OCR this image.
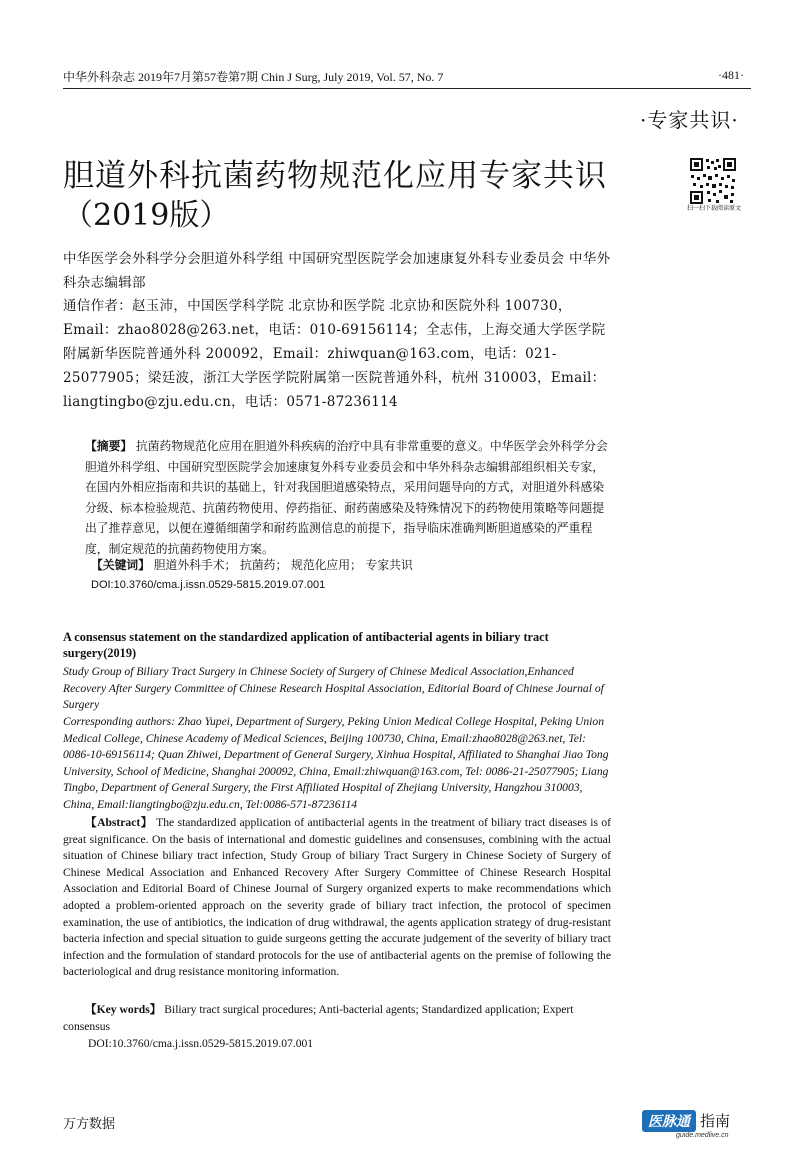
中华外科杂志 2019年7月第57卷第7期 Chin J Surg, July 2019, Vol. 57, No. 7	·481·
·专家共识·
胆道外科抗菌药物规范化应用专家共识
（2019版）	扫一扫下载阅读原文
中华医学会外科学分会胆道外科学组 中国研究型医院学会加速康复外科专业委员会 中华外科杂志编辑部
通信作者：赵玉沛，中国医学科学院 北京协和医学院 北京协和医院外科 100730，Email：zhao8028@263.net，电话：010-69156114；全志伟，上海交通大学医学院附属新华医院普通外科 200092，Email：zhiwquan@163.com，电话：021-25077905；梁廷波，浙江大学医学院附属第一医院普通外科，杭州 310003，Email：liangtingbo@zju.edu.cn，电话：0571-87236114
【摘要】 抗菌药物规范化应用在胆道外科疾病的治疗中具有非常重要的意义。中华医学会外科学分会胆道外科学组、中国研究型医院学会加速康复外科专业委员会和中华外科杂志编辑部组织相关专家，在国内外相应指南和共识的基础上，针对我国胆道感染特点，采用问题导向的方式，对胆道外科感染分级、标本检验规范、抗菌药物使用、停药指征、耐药菌感染及特殊情况下的药物使用策略等问题提出了推荐意见，以便在遵循细菌学和耐药监测信息的前提下，指导临床准确判断胆道感染的严重程度，制定规范的抗菌药物使用方案。
【关键词】 胆道外科手术； 抗菌药； 规范化应用； 专家共识
DOI:10.3760/cma.j.issn.0529-5815.2019.07.001
A consensus statement on the standardized application of antibacterial agents in biliary tract surgery(2019)
Study Group of Biliary Tract Surgery in Chinese Society of Surgery of Chinese Medical Association,Enhanced Recovery After Surgery Committee of Chinese Research Hospital Association, Editorial Board of Chinese Journal of Surgery
Corresponding authors: Zhao Yupei, Department of Surgery, Peking Union Medical College Hospital, Peking Union Medical College, Chinese Academy of Medical Sciences, Beijing 100730, China, Email:zhao8028@263.net, Tel: 0086-10-69156114; Quan Zhiwei, Department of General Surgery, Xinhua Hospital, Affiliated to Shanghai Jiao Tong University, School of Medicine, Shanghai 200092, China, Email:zhiwquan@163.com, Tel: 0086-21-25077905; Liang Tingbo, Department of General Surgery, the First Affiliated Hospital of Zhejiang University, Hangzhou 310003, China, Email:liangtingbo@zju.edu.cn, Tel:0086-571-87236114
【Abstract】 The standardized application of antibacterial agents in the treatment of biliary tract diseases is of great significance. On the basis of international and domestic guidelines and consensuses, combining with the actual situation of Chinese biliary tract infection, Study Group of biliary Tract Surgery in Chinese Society of Surgery of Chinese Medical Association and Enhanced Recovery After Surgery Committee of Chinese Research Hospital Association and Editorial Board of Chinese Journal of Surgery organized experts to make recommendations which adopted a problem-oriented approach on the severity grade of biliary tract infection, the protocol of specimen examination, the use of antibiotics, the indication of drug withdrawal, the agents application strategy of drug-resistant bacteria infection and special situation to guide surgeons getting the accurate judgement of the severity of biliary tract infection and the formulation of standard protocols for the use of antibacterial agents on the premise of following the bacteriological and drug resistance monitoring information.
【Key words】 Biliary tract surgical procedures; Anti-bacterial agents; Standardized application; Expert consensus
DOI:10.3760/cma.j.issn.0529-5815.2019.07.001
万方数据	医脉通 指南
guide.medlive.cn
